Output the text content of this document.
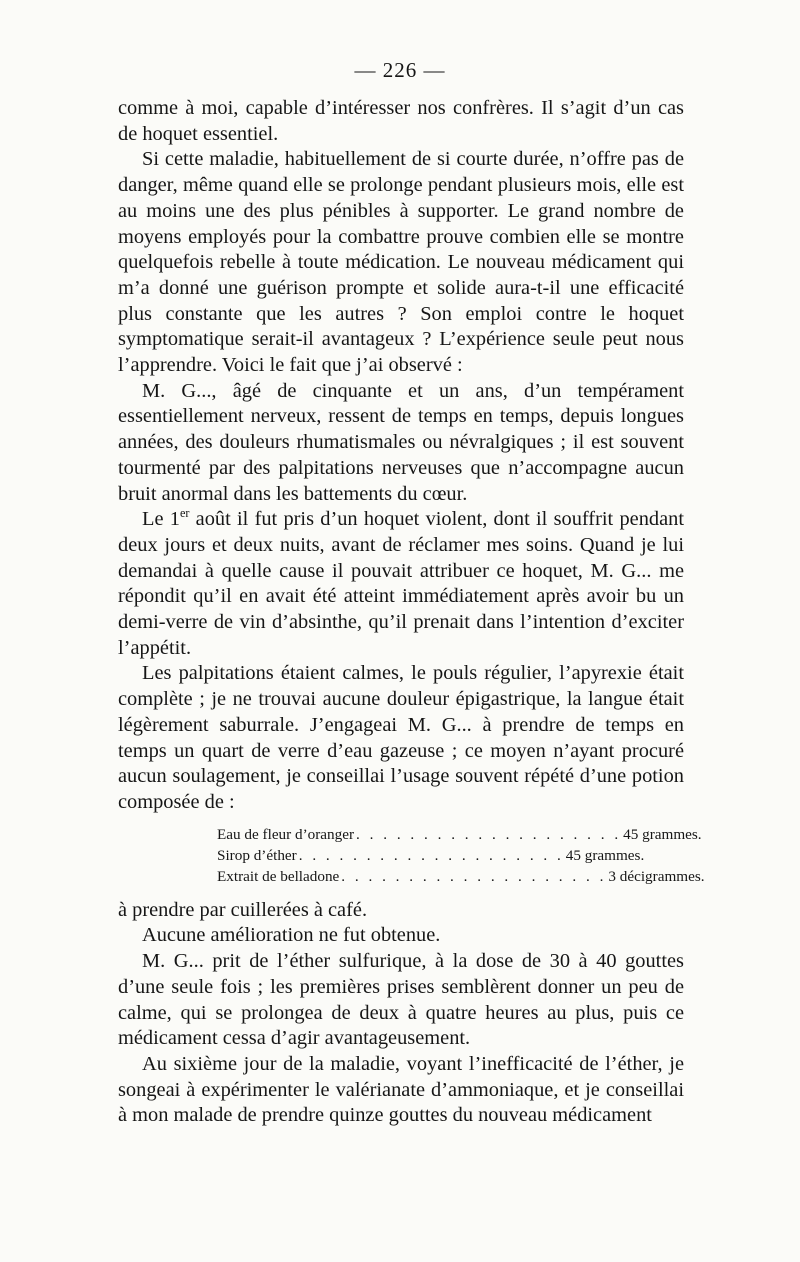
— 226 —

comme à moi, capable d’intéresser nos confrères. Il s’agit d’un cas de hoquet essentiel.

Si cette maladie, habituellement de si courte durée, n’offre pas de danger, même quand elle se prolonge pendant plusieurs mois, elle est au moins une des plus pénibles à supporter. Le grand nombre de moyens employés pour la combattre prouve combien elle se montre quelquefois rebelle à toute médication. Le nouveau médicament qui m’a donné une guérison prompte et solide aura-t-il une efficacité plus constante que les autres ? Son emploi contre le hoquet symptomatique serait-il avantageux ? L’expérience seule peut nous l’apprendre. Voici le fait que j’ai observé :

M. G..., âgé de cinquante et un ans, d’un tempérament essentiellement nerveux, ressent de temps en temps, depuis longues années, des douleurs rhumatismales ou névralgiques ; il est souvent tourmenté par des palpitations nerveuses que n’accompagne aucun bruit anormal dans les battements du cœur.

Le 1er août il fut pris d’un hoquet violent, dont il souffrit pendant deux jours et deux nuits, avant de réclamer mes soins. Quand je lui demandai à quelle cause il pouvait attribuer ce hoquet, M. G... me répondit qu’il en avait été atteint immédiatement après avoir bu un demi-verre de vin d’absinthe, qu’il prenait dans l’intention d’exciter l’appétit.

Les palpitations étaient calmes, le pouls régulier, l’apyrexie était complète ; je ne trouvai aucune douleur épigastrique, la langue était légèrement saburrale. J’engageai M. G... à prendre de temps en temps un quart de verre d’eau gazeuse ; ce moyen n’ayant procuré aucun soulagement, je conseillai l’usage souvent répété d’une potion composée de :

Eau de fleur d’oranger . . . . . . . . . . . . . . . . . . . . 45 grammes.
Sirop d’éther . . . . . . . . . . . . . . . . . . . . 45 grammes.
Extrait de belladone . . . . . . . . . . . . . . . . . . . . 3 décigrammes.

à prendre par cuillerées à café.

Aucune amélioration ne fut obtenue.

M. G... prit de l’éther sulfurique, à la dose de 30 à 40 gouttes d’une seule fois ; les premières prises semblèrent donner un peu de calme, qui se prolongea de deux à quatre heures au plus, puis ce médicament cessa d’agir avantageusement.

Au sixième jour de la maladie, voyant l’inefficacité de l’éther, je songeai à expérimenter le valérianate d’ammoniaque, et je conseillai à mon malade de prendre quinze gouttes du nouveau médicament
